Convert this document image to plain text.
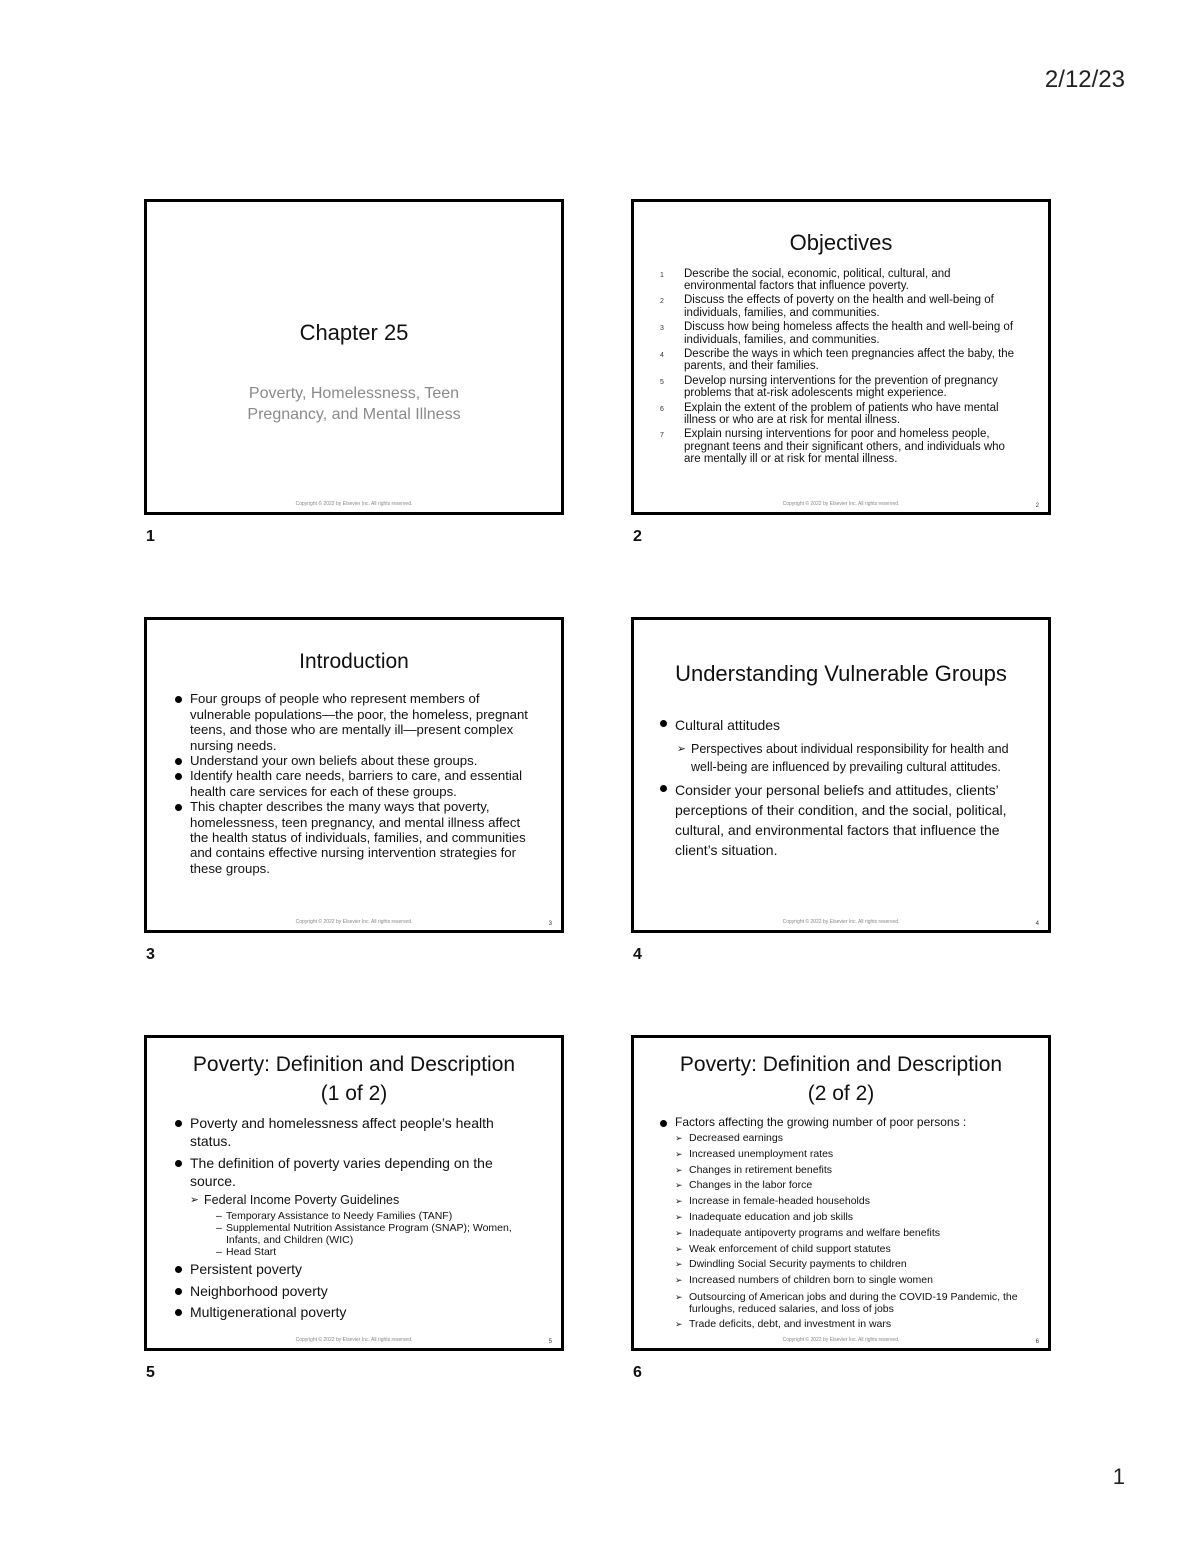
2/12/23
Chapter 25
Poverty, Homelessness, Teen Pregnancy, and Mental Illness
Copyright © 2022 by Elsevier Inc. All rights reserved.
1
Objectives
1 Describe the social, economic, political, cultural, and environmental factors that influence poverty.
2 Discuss the effects of poverty on the health and well-being of individuals, families, and communities.
3 Discuss how being homeless affects the health and well-being of individuals, families, and communities.
4 Describe the ways in which teen pregnancies affect the baby, the parents, and their families.
5 Develop nursing interventions for the prevention of pregnancy problems that at-risk adolescents might experience.
6 Explain the extent of the problem of patients who have mental illness or who are at risk for mental illness.
7 Explain nursing interventions for poor and homeless people, pregnant teens and their significant others, and individuals who are mentally ill or at risk for mental illness.
Copyright © 2022 by Elsevier Inc. All rights reserved.	2
2
Introduction
Four groups of people who represent members of vulnerable populations—the poor, the homeless, pregnant teens, and those who are mentally ill—present complex nursing needs.
Understand your own beliefs about these groups.
Identify health care needs, barriers to care, and essential health care services for each of these groups.
This chapter describes the many ways that poverty, homelessness, teen pregnancy, and mental illness affect the health status of individuals, families, and communities and contains effective nursing intervention strategies for these groups.
Copyright © 2022 by Elsevier Inc. All rights reserved.	3
3
Understanding Vulnerable Groups
Cultural attitudes
➢ Perspectives about individual responsibility for health and well-being are influenced by prevailing cultural attitudes.
Consider your personal beliefs and attitudes, clients’ perceptions of their condition, and the social, political, cultural, and environmental factors that influence the client’s situation.
Copyright © 2022 by Elsevier Inc. All rights reserved.	4
4
Poverty: Definition and Description
(1 of 2)
Poverty and homelessness affect people’s health status.
The definition of poverty varies depending on the source.
➢ Federal Income Poverty Guidelines
– Temporary Assistance to Needy Families (TANF)
– Supplemental Nutrition Assistance Program (SNAP); Women, Infants, and Children (WIC)
– Head Start
Persistent poverty
Neighborhood poverty
Multigenerational poverty
Copyright © 2022 by Elsevier Inc. All rights reserved.	5
5
Poverty: Definition and Description
(2 of 2)
Factors affecting the growing number of poor persons :
➢ Decreased earnings
➢ Increased unemployment rates
➢ Changes in retirement benefits
➢ Changes in the labor force
➢ Increase in female-headed households
➢ Inadequate education and job skills
➢ Inadequate antipoverty programs and welfare benefits
➢ Weak enforcement of child support statutes
➢ Dwindling Social Security payments to children
➢ Increased numbers of children born to single women
➢ Outsourcing of American jobs and during the COVID-19 Pandemic, the furloughs, reduced salaries, and loss of jobs
➢ Trade deficits, debt, and investment in wars
Copyright © 2022 by Elsevier Inc. All rights reserved.	6
6
1
